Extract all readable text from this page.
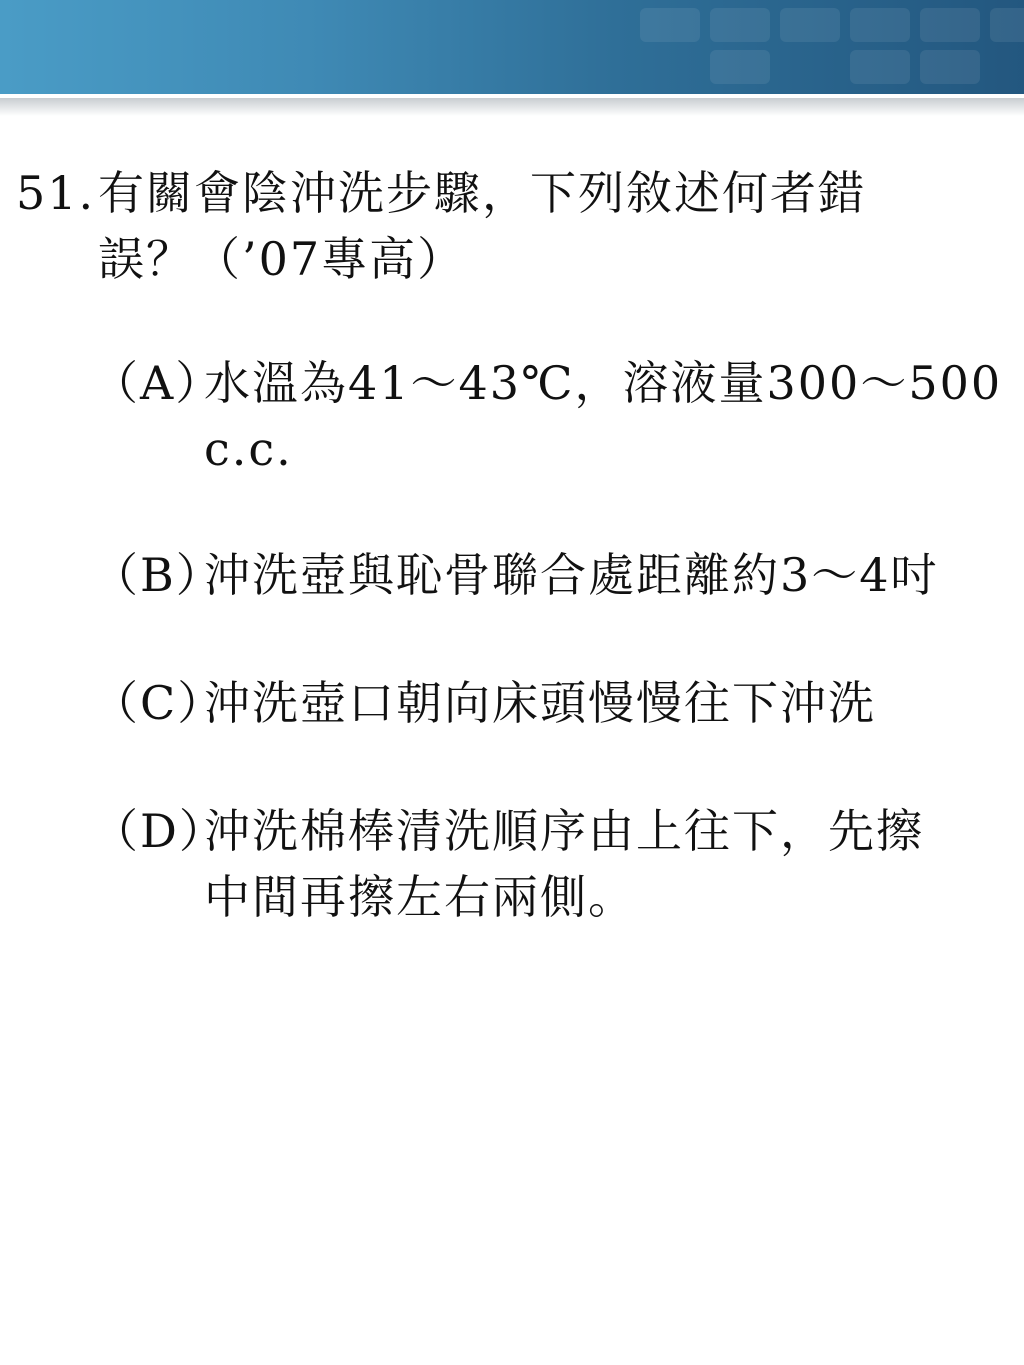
51. 有關會陰沖洗步驟，下列敘述何者錯
誤？（’07專高）
（A）
水溫為41～43℃，溶液量300～500
c.c.
（B）
沖洗壺與恥骨聯合處距離約3～4吋
（C）
沖洗壺口朝向床頭慢慢往下沖洗
（D）
沖洗棉棒清洗順序由上往下，先擦
中間再擦左右兩側。
